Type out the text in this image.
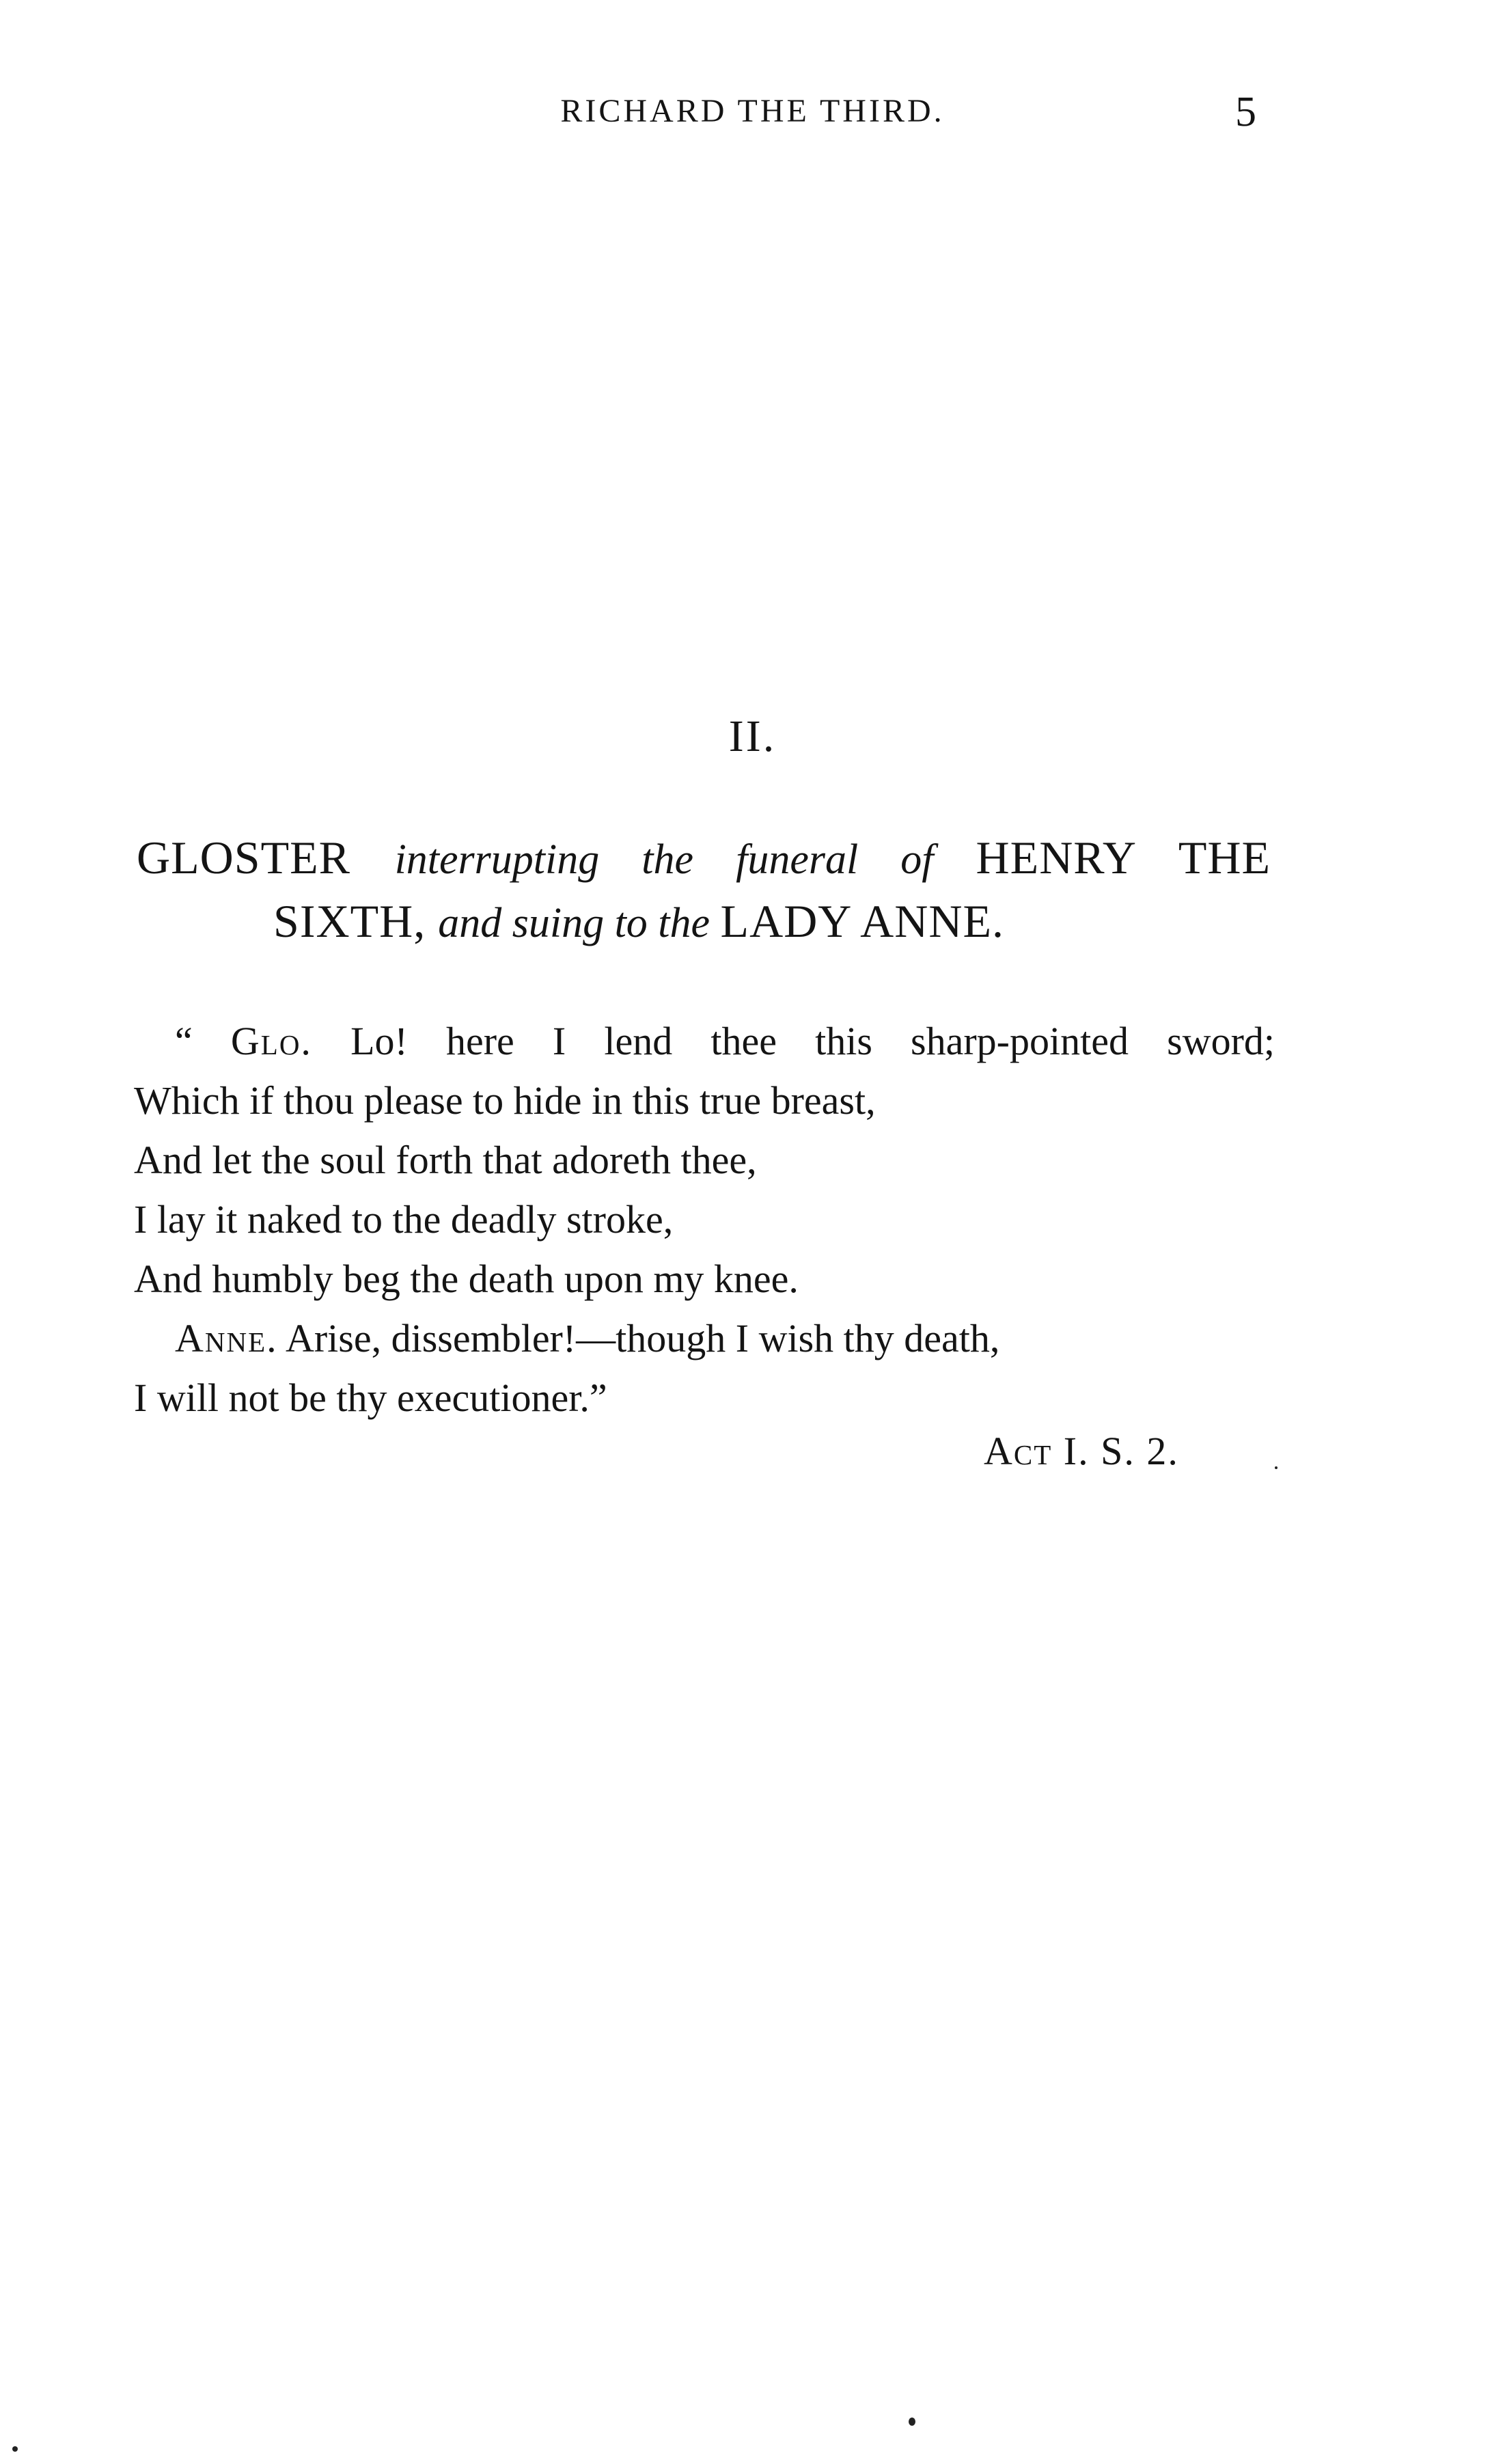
RICHARD THE THIRD.	5
II.
GLOSTER interrupting the funeral of HENRY THE
SIXTH, and suing to the LADY ANNE.
“ Glo. Lo! here I lend thee this sharp-pointed sword;
Which if thou please to hide in this true breast,
And let the soul forth that adoreth thee,
I lay it naked to the deadly stroke,
And humbly beg the death upon my knee.
Anne. Arise, dissembler!—though I wish thy death,
I will not be thy executioner.”
Act I. S. 2.
